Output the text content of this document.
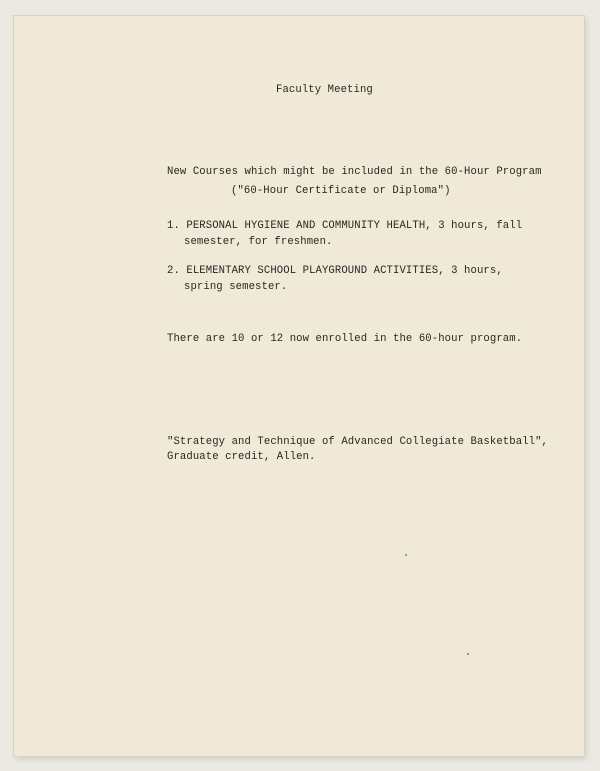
Faculty Meeting
New Courses which might be included in the 60-Hour Program
("60-Hour Certificate or Diploma")
1. PERSONAL HYGIENE AND COMMUNITY HEALTH, 3 hours, fall
semester, for freshmen.
2. ELEMENTARY SCHOOL PLAYGROUND ACTIVITIES, 3 hours,
spring semester.
There are 10 or 12 now enrolled in the 60-hour program.
"Strategy and Technique of Advanced Collegiate Basketball",
Graduate credit, Allen.
